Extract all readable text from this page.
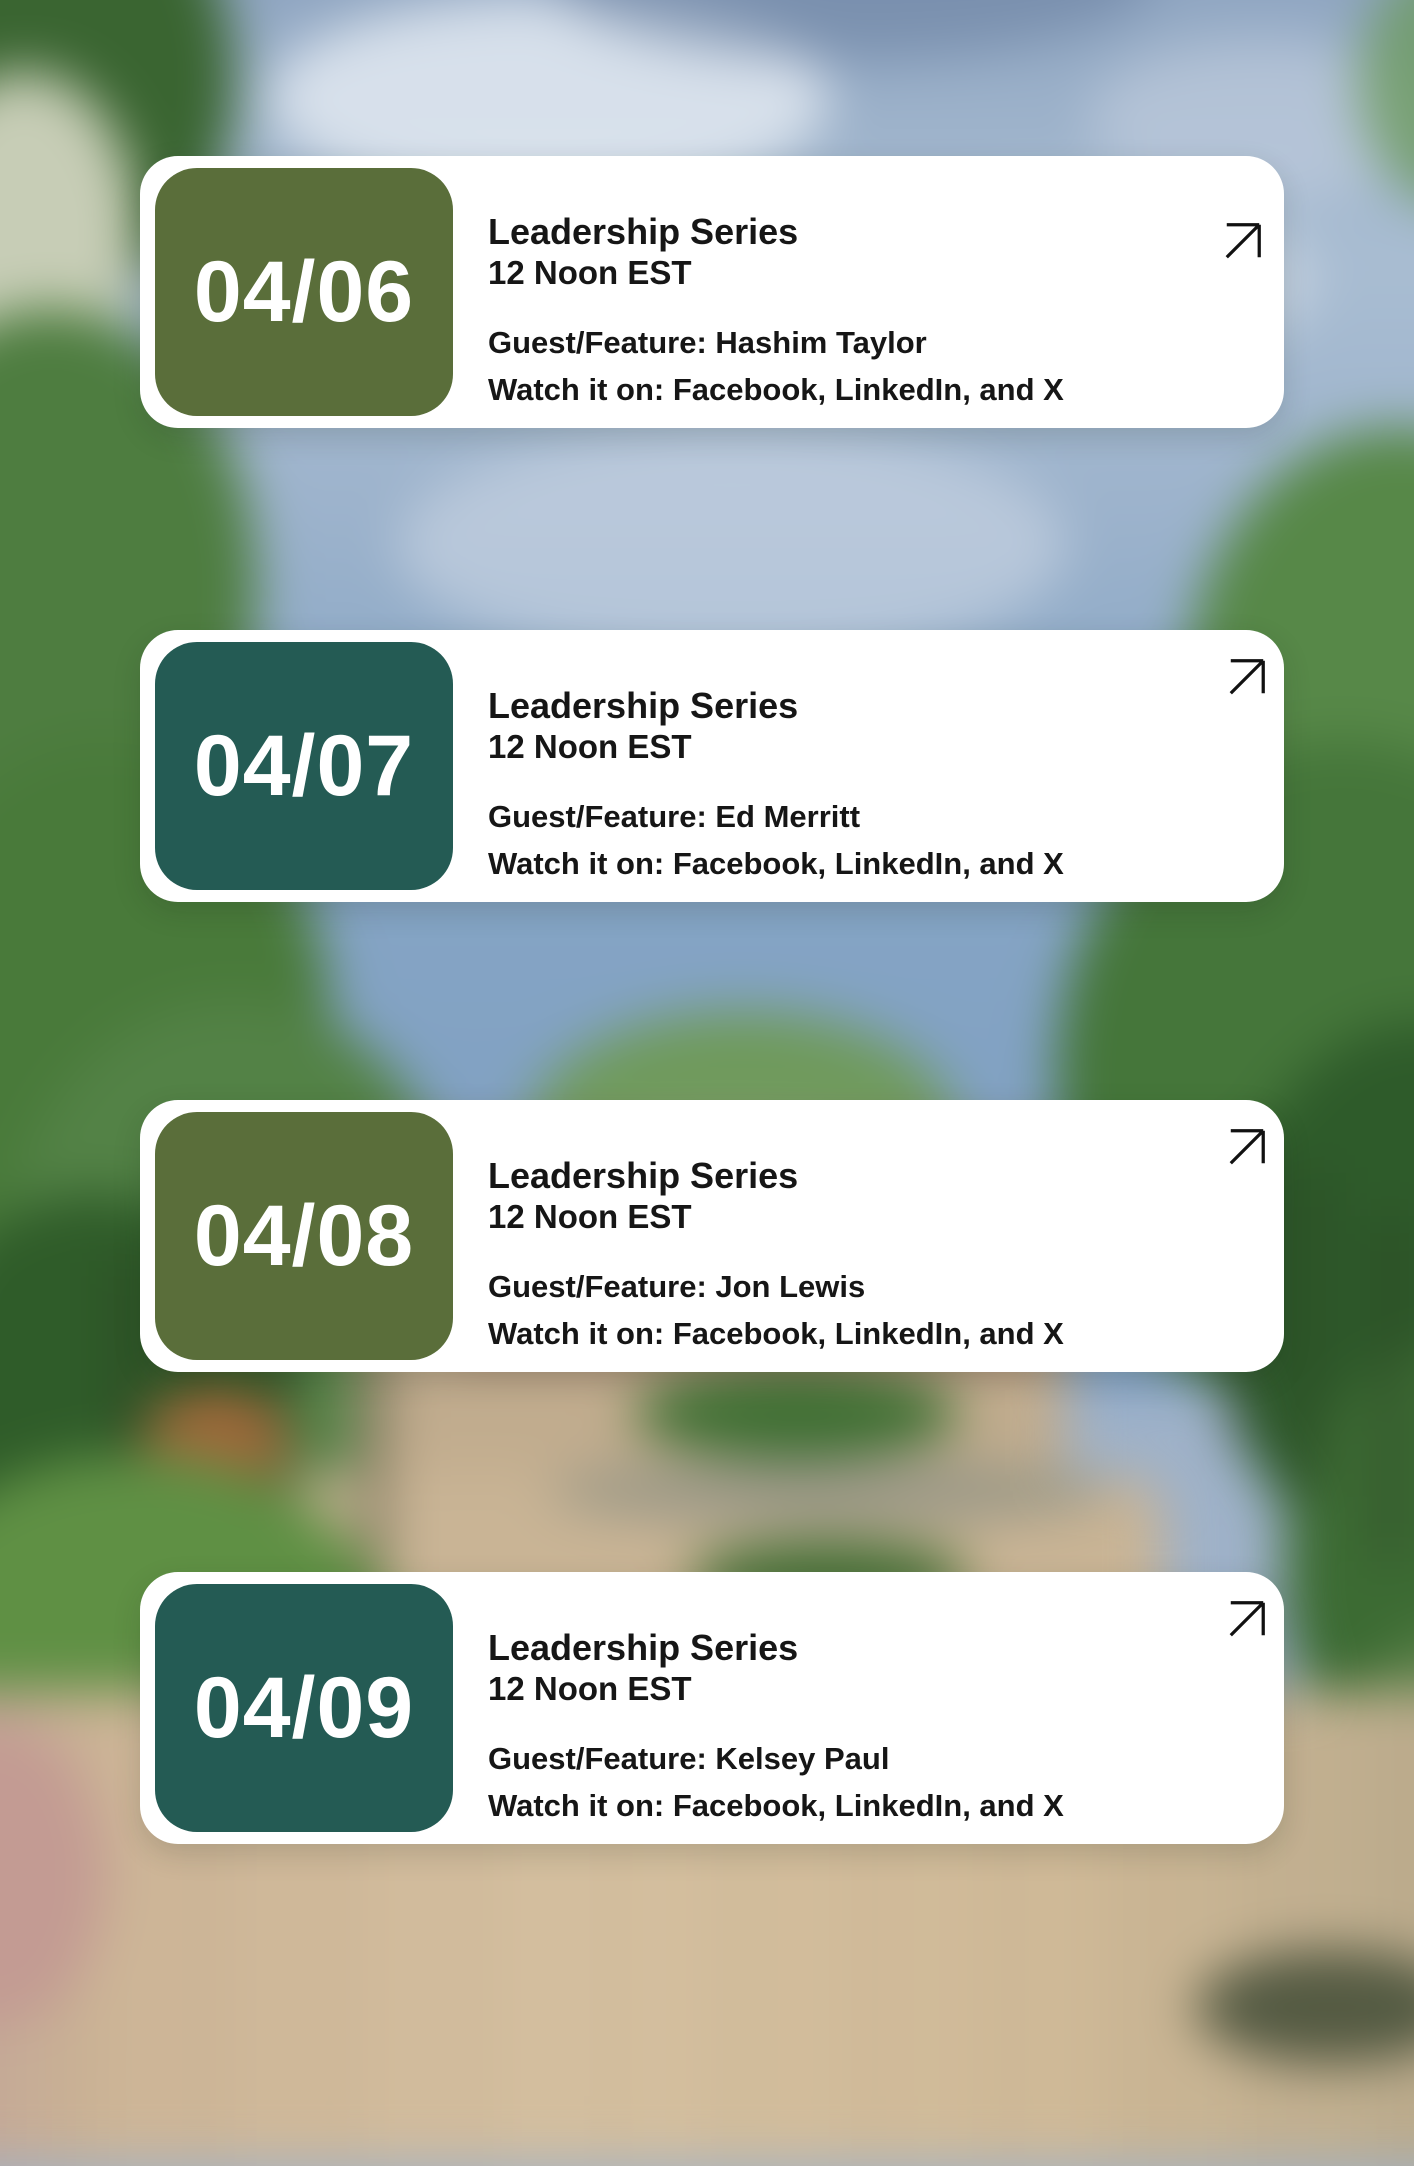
04/06
Leadership Series
12 Noon EST
Guest/Feature: Hashim Taylor
Watch it on: Facebook, LinkedIn, and X
04/07
Leadership Series
12 Noon EST
Guest/Feature: Ed Merritt
Watch it on: Facebook, LinkedIn, and X
04/08
Leadership Series
12 Noon EST
Guest/Feature: Jon Lewis
Watch it on: Facebook, LinkedIn, and X
04/09
Leadership Series
12 Noon EST
Guest/Feature: Kelsey Paul
Watch it on: Facebook, LinkedIn, and X
